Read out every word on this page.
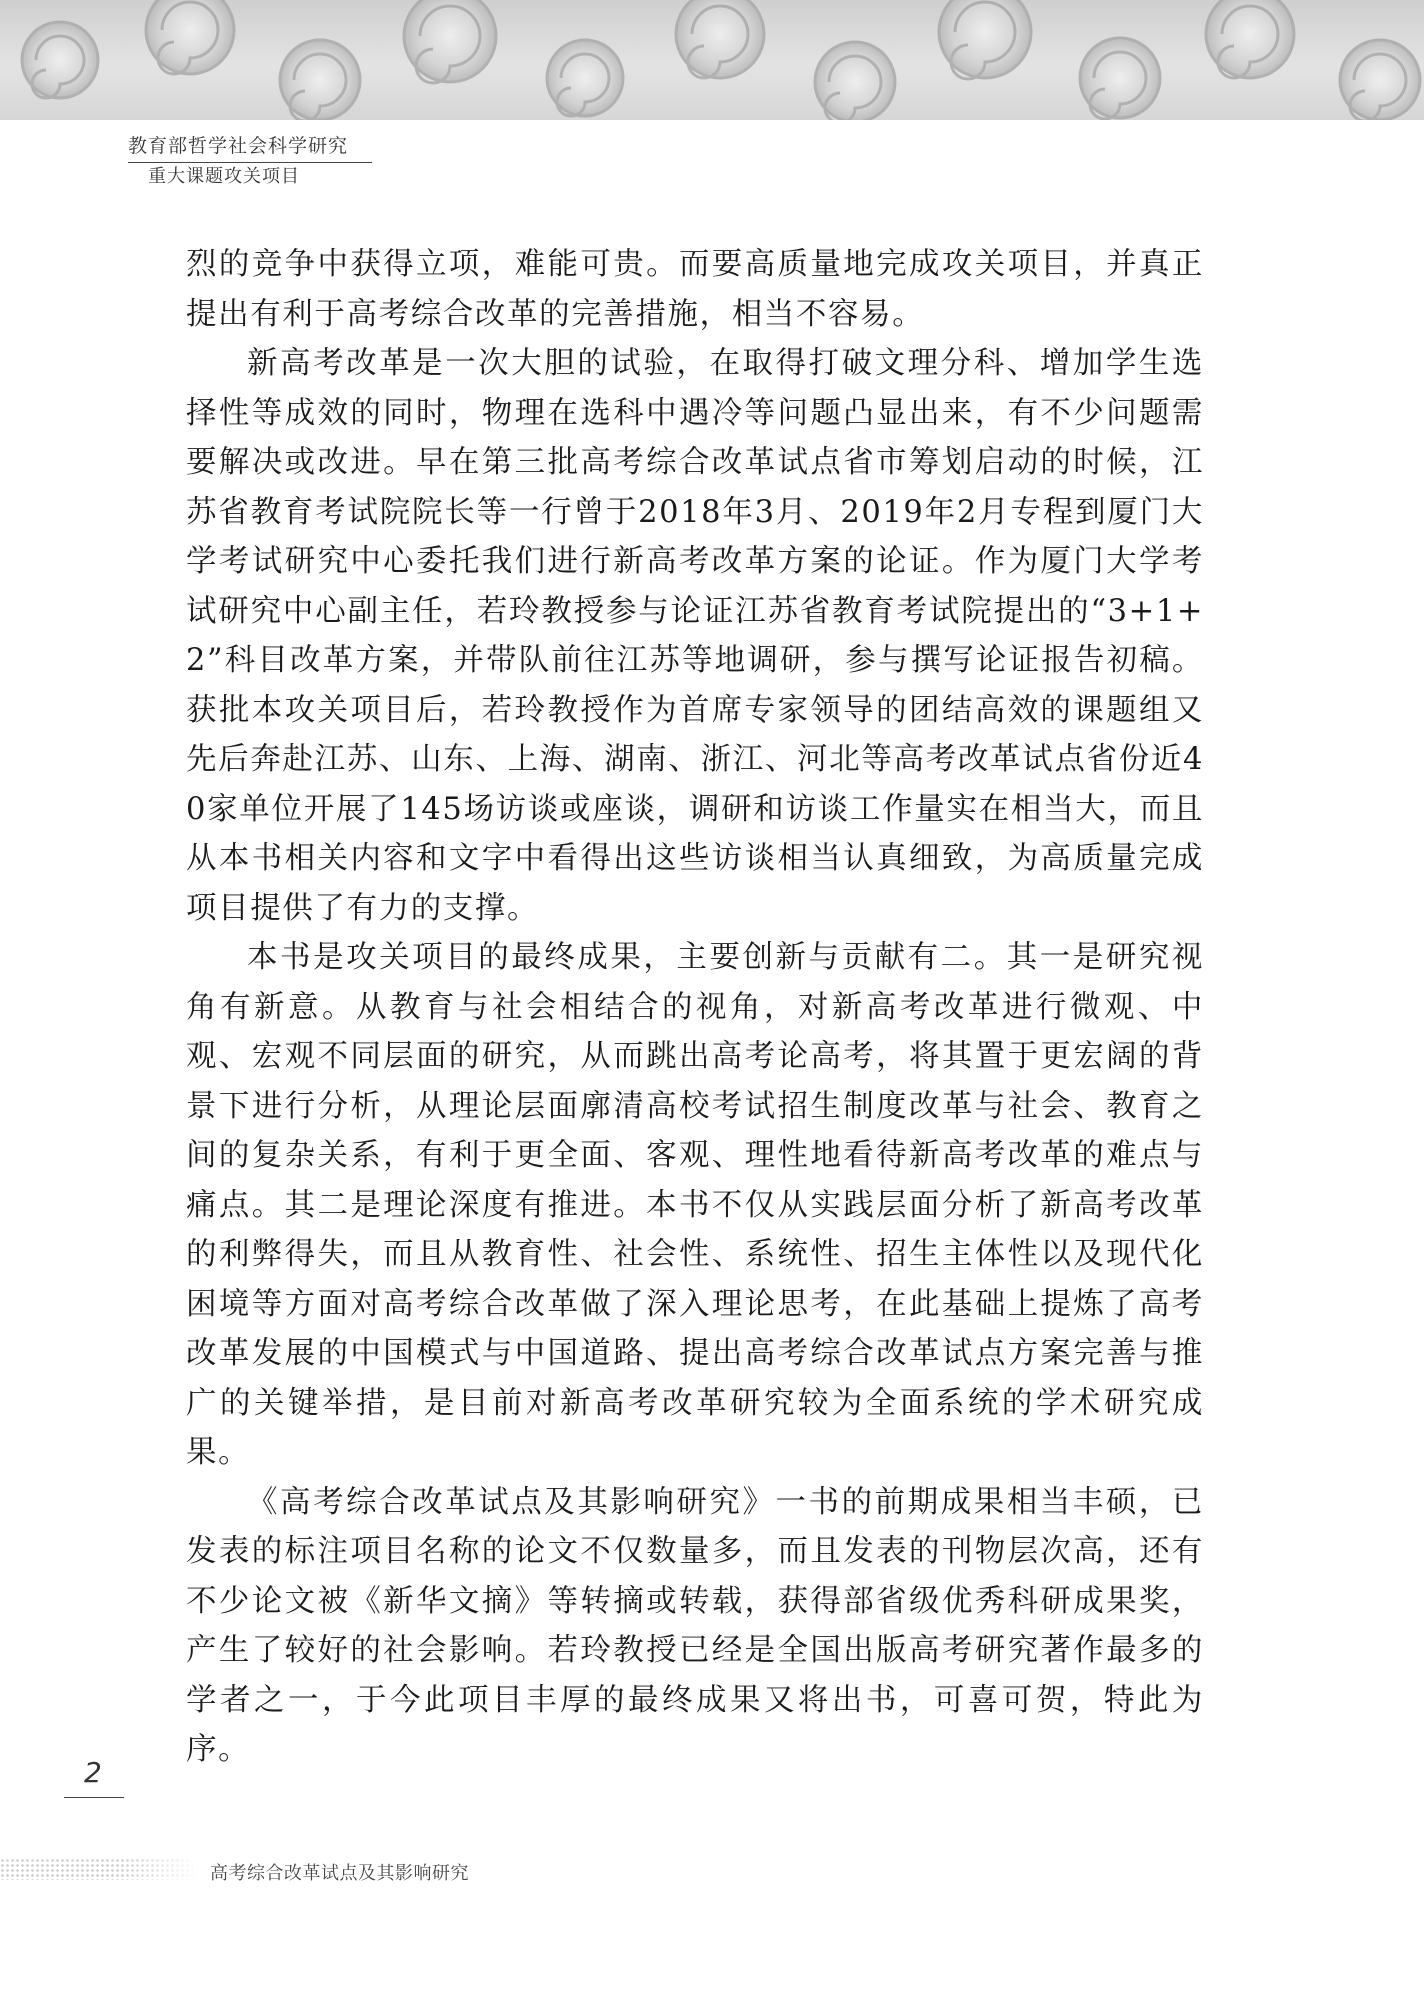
教育部哲学社会科学研究
重大课题攻关项目

烈的竞争中获得立项，难能可贵。而要高质量地完成攻关项目，并真正提出有利于高考综合改革的完善措施，相当不容易。

新高考改革是一次大胆的试验，在取得打破文理分科、增加学生选择性等成效的同时，物理在选科中遇冷等问题凸显出来，有不少问题需要解决或改进。早在第三批高考综合改革试点省市筹划启动的时候，江苏省教育考试院院长等一行曾于2018年3月、2019年2月专程到厦门大学考试研究中心委托我们进行新高考改革方案的论证。作为厦门大学考试研究中心副主任，若玲教授参与论证江苏省教育考试院提出的“3+1+2”科目改革方案，并带队前往江苏等地调研，参与撰写论证报告初稿。获批本攻关项目后，若玲教授作为首席专家领导的团结高效的课题组又先后奔赴江苏、山东、上海、湖南、浙江、河北等高考改革试点省份近40家单位开展了145场访谈或座谈，调研和访谈工作量实在相当大，而且从本书相关内容和文字中看得出这些访谈相当认真细致，为高质量完成项目提供了有力的支撑。

本书是攻关项目的最终成果，主要创新与贡献有二。其一是研究视角有新意。从教育与社会相结合的视角，对新高考改革进行微观、中观、宏观不同层面的研究，从而跳出高考论高考，将其置于更宏阔的背景下进行分析，从理论层面廓清高校考试招生制度改革与社会、教育之间的复杂关系，有利于更全面、客观、理性地看待新高考改革的难点与痛点。其二是理论深度有推进。本书不仅从实践层面分析了新高考改革的利弊得失，而且从教育性、社会性、系统性、招生主体性以及现代化困境等方面对高考综合改革做了深入理论思考，在此基础上提炼了高考改革发展的中国模式与中国道路、提出高考综合改革试点方案完善与推广的关键举措，是目前对新高考改革研究较为全面系统的学术研究成果。

《高考综合改革试点及其影响研究》一书的前期成果相当丰硕，已发表的标注项目名称的论文不仅数量多，而且发表的刊物层次高，还有不少论文被《新华文摘》等转摘或转载，获得部省级优秀科研成果奖，产生了较好的社会影响。若玲教授已经是全国出版高考研究著作最多的学者之一，于今此项目丰厚的最终成果又将出书，可喜可贺，特此为序。

2
高考综合改革试点及其影响研究
